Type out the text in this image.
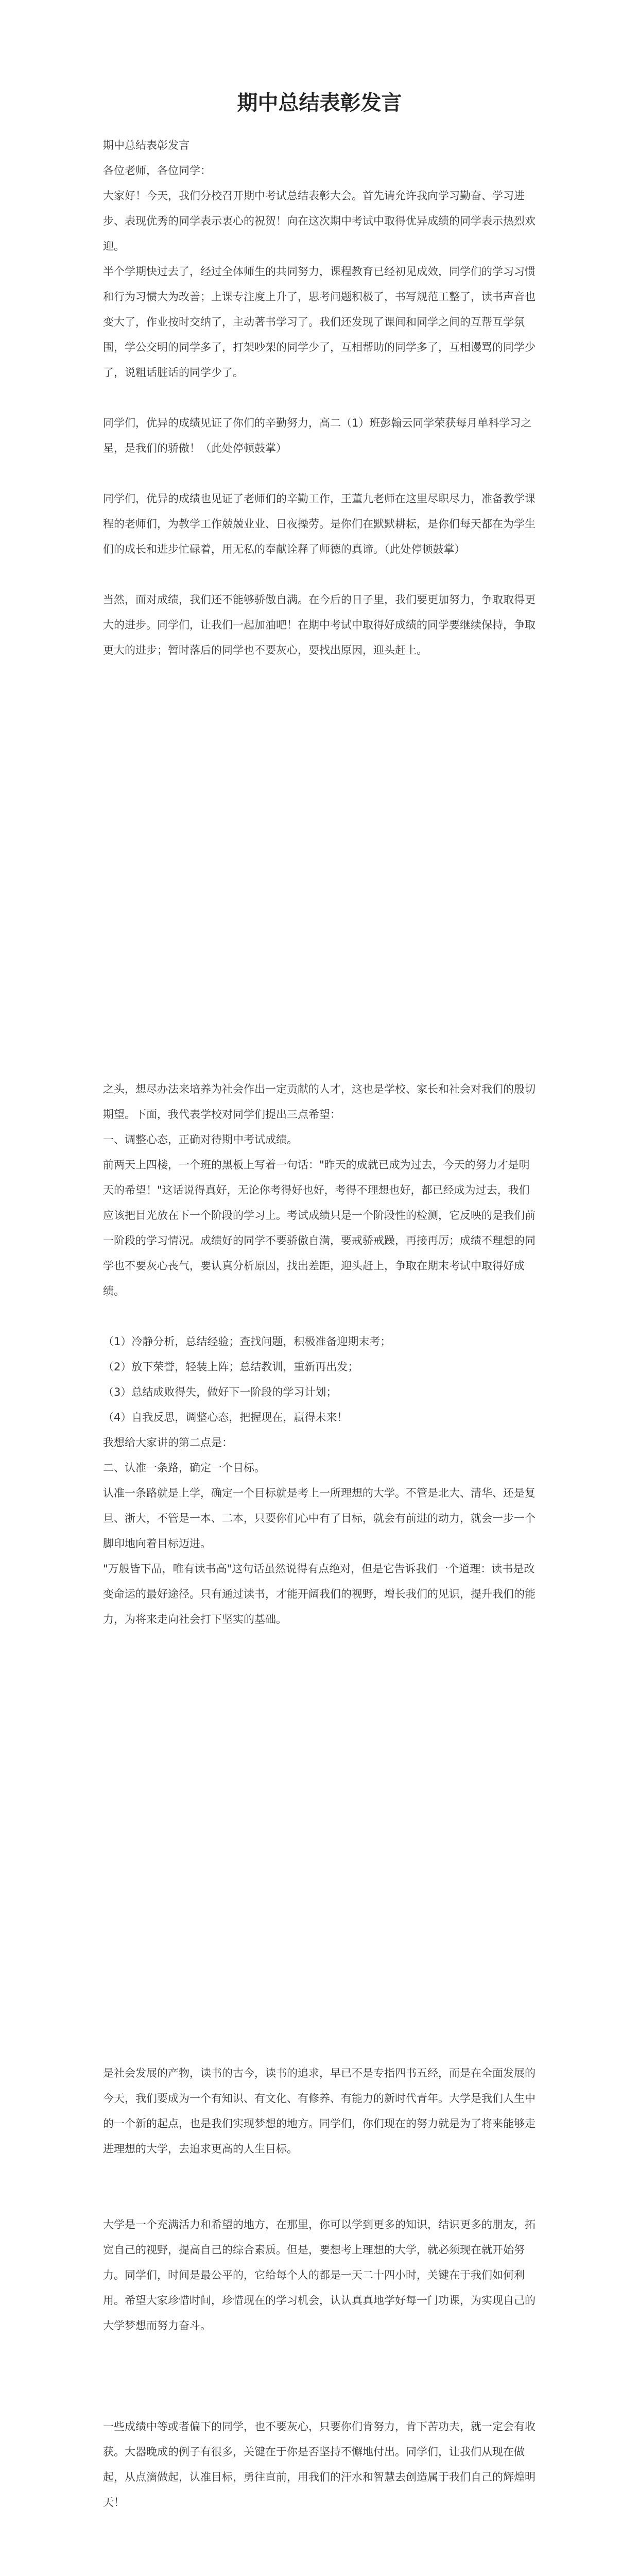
期中总结表彰发言
期中总结表彰发言
各位老师，各位同学：
大家好！今天，我们分校召开期中考试总结表彰大会。首先请允许我向学习勤奋、学习进步、表现优秀的同学表示衷心的祝贺！向在这次期中考试中取得优异成绩的同学表示热烈欢迎。
半个学期快过去了，经过全体师生的共同努力，课程教育已经初见成效，同学们的学习习惯和行为习惯大为改善；上课专注度上升了，思考问题积极了，书写规范工整了，读书声音也变大了，作业按时交纳了，主动著书学习了。我们还发现了课间和同学之间的互帮互学氛围，学公交明的同学多了，打架吵架的同学少了，互相帮助的同学多了，互相谩骂的同学少了，说粗话脏话的同学少了。
同学们，优异的成绩见证了你们的辛勤努力，高二（1）班彭翰云同学荣获每月单科学习之星，是我们的骄傲！（此处停顿鼓掌）
同学们，优异的成绩也见证了老师们的辛勤工作，王董九老师在这里尽职尽力，准备教学课程的老师们，为教学工作兢兢业业、日夜操劳。是你们在默默耕耘，是你们每天都在为学生们的成长和进步忙碌着，用无私的奉献诠释了师德的真谛。（此处停顿鼓掌）
当然，面对成绩，我们还不能够骄傲自满。在今后的日子里，我们要更加努力，争取取得更大的进步。同学们，让我们一起加油吧！在期中考试中取得好成绩的同学要继续保持，争取更大的进步；暂时落后的同学也不要灰心，要找出原因，迎头赶上。
之头，想尽办法来培养为社会作出一定贡献的人才，这也是学校、家长和社会对我们的殷切期望。下面，我代表学校对同学们提出三点希望：
一、调整心态，正确对待期中考试成绩。
前两天上四楼，一个班的黑板上写着一句话："昨天的成就已成为过去，今天的努力才是明天的希望！"这话说得真好，无论你考得好也好，考得不理想也好，都已经成为过去，我们应该把目光放在下一个阶段的学习上。考试成绩只是一个阶段性的检测，它反映的是我们前一阶段的学习情况。成绩好的同学不要骄傲自满，要戒骄戒躁，再接再厉；成绩不理想的同学也不要灰心丧气，要认真分析原因，找出差距，迎头赶上，争取在期末考试中取得好成绩。
（1）冷静分析，总结经验；查找问题，积极准备迎期末考；
（2）放下荣誉，轻装上阵；总结教训，重新再出发；
（3）总结成败得失，做好下一阶段的学习计划；
（4）自我反思，调整心态，把握现在，赢得未来！
我想给大家讲的第二点是：
二、认准一条路，确定一个目标。
认准一条路就是上学，确定一个目标就是考上一所理想的大学。不管是北大、清华、还是复旦、浙大，不管是一本、二本，只要你们心中有了目标，就会有前进的动力，就会一步一个脚印地向着目标迈进。
"万般皆下品，唯有读书高"这句话虽然说得有点绝对，但是它告诉我们一个道理：读书是改变命运的最好途径。只有通过读书，才能开阔我们的视野，增长我们的见识，提升我们的能力，为将来走向社会打下坚实的基础。
是社会发展的产物，读书的古今，读书的追求，早已不是专指四书五经，而是在全面发展的今天，我们要成为一个有知识、有文化、有修养、有能力的新时代青年。大学是我们人生中的一个新的起点，也是我们实现梦想的地方。同学们，你们现在的努力就是为了将来能够走进理想的大学，去追求更高的人生目标。
大学是一个充满活力和希望的地方，在那里，你可以学到更多的知识，结识更多的朋友，拓宽自己的视野，提高自己的综合素质。但是，要想考上理想的大学，就必须现在就开始努力。同学们，时间是最公平的，它给每个人的都是一天二十四小时，关键在于我们如何利用。希望大家珍惜时间，珍惜现在的学习机会，认认真真地学好每一门功课，为实现自己的大学梦想而努力奋斗。
一些成绩中等或者偏下的同学，也不要灰心，只要你们肯努力，肯下苦功夫，就一定会有收获。大器晚成的例子有很多，关键在于你是否坚持不懈地付出。同学们，让我们从现在做起，从点滴做起，认准目标，勇往直前，用我们的汗水和智慧去创造属于我们自己的辉煌明天！
